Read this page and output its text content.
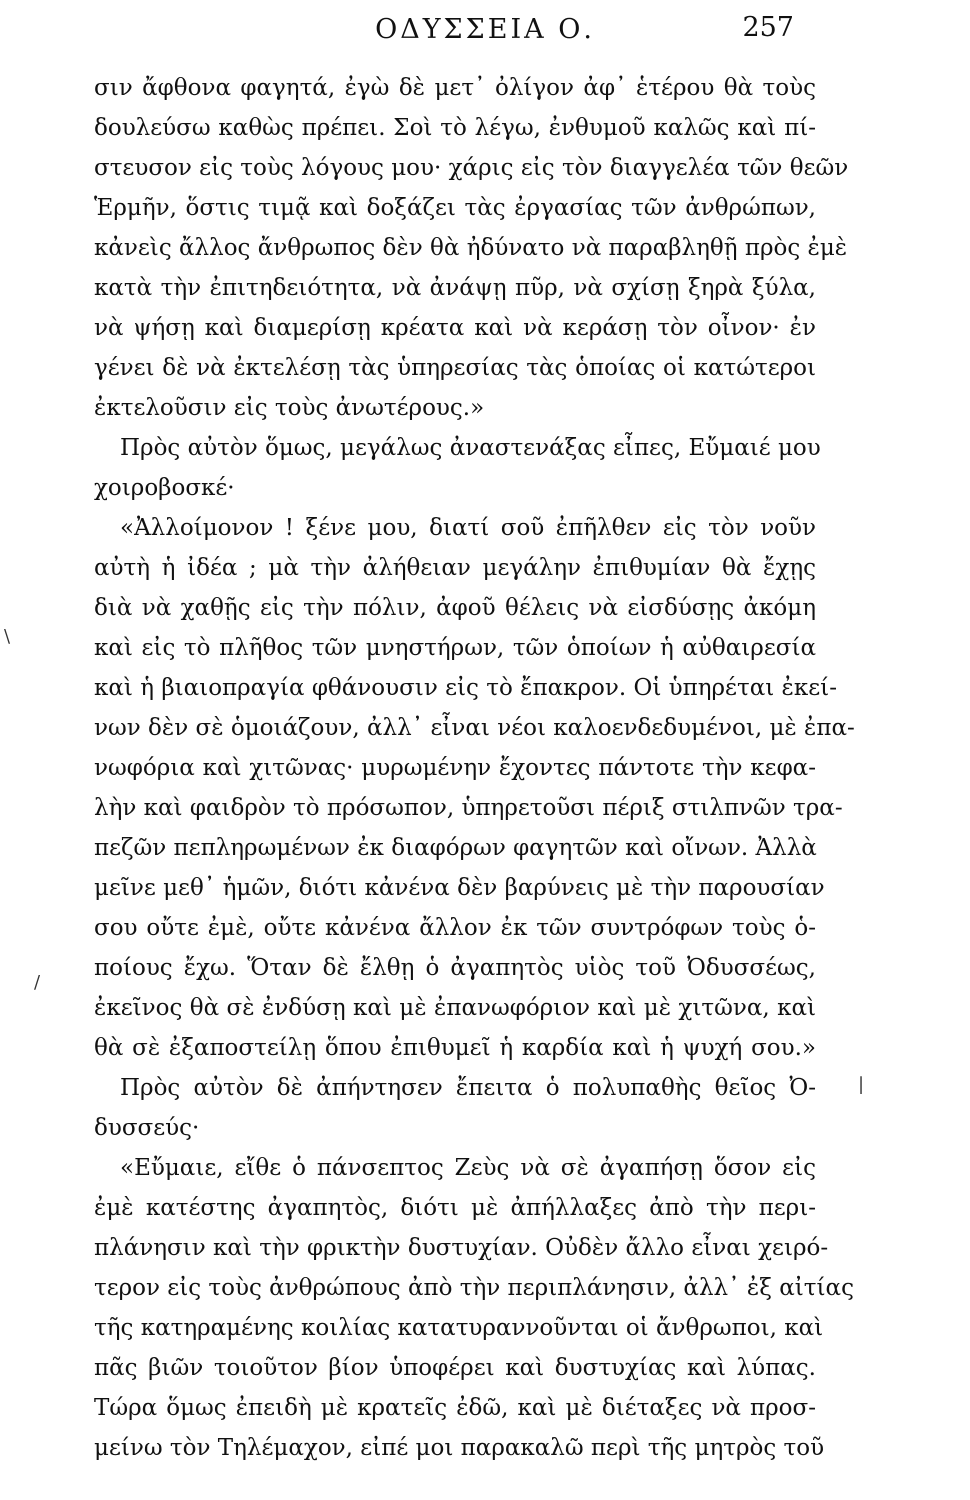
ΟΔΥΣΣΕΙΑ Ο.	257
σιν ἄφθονα φαγητά, ἐγὼ δὲ μετ᾽ ὀλίγον ἀφ᾽ ἑτέρου θὰ τοὺς
δουλεύσω καθὼς πρέπει. Σοὶ τὸ λέγω, ἐνθυμοῦ καλῶς καὶ πί-
στευσον εἰς τοὺς λόγους μου· χάρις εἰς τὸν διαγγελέα τῶν θεῶν
Ἑρμῆν, ὅστις τιμᾷ καὶ δοξάζει τὰς ἐργασίας τῶν ἀνθρώπων,
κἀνεὶς ἄλλος ἄνθρωπος δὲν θὰ ἠδύνατο νὰ παραβληθῇ πρὸς ἐμὲ
κατὰ τὴν ἐπιτηδειότητα, νὰ ἀνάψῃ πῦρ, νὰ σχίσῃ ξηρὰ ξύλα,
νὰ ψήσῃ καὶ διαμερίσῃ κρέατα καὶ νὰ κεράσῃ τὸν οἶνον· ἐν
γένει δὲ νὰ ἐκτελέσῃ τὰς ὑπηρεσίας τὰς ὁποίας οἱ κατώτεροι
ἐκτελοῦσιν εἰς τοὺς ἀνωτέρους.»
Πρὸς αὐτὸν ὅμως, μεγάλως ἀναστενάξας εἶπες, Εὔμαιέ μου
χοιροβοσκέ·
«Ἀλλοίμονον ! ξένε μου, διατί σοῦ ἐπῆλθεν εἰς τὸν νοῦν
αὐτὴ ἡ ἰδέα ; μὰ τὴν ἀλήθειαν μεγάλην ἐπιθυμίαν θὰ ἔχῃς
διὰ νὰ χαθῇς εἰς τὴν πόλιν, ἀφοῦ θέλεις νὰ εἰσδύσῃς ἀκόμη
καὶ εἰς τὸ πλῆθος τῶν μνηστήρων, τῶν ὁποίων ἡ αὐθαιρεσία
καὶ ἡ βιαιοπραγία φθάνουσιν εἰς τὸ ἔπακρον. Οἱ ὑπηρέται ἐκεί-
νων δὲν σὲ ὁμοιάζουν, ἀλλ᾽ εἶναι νέοι καλοενδεδυμένοι, μὲ ἐπα-
νωφόρια καὶ χιτῶνας· μυρωμένην ἔχοντες πάντοτε τὴν κεφα-
λὴν καὶ φαιδρὸν τὸ πρόσωπον, ὑπηρετοῦσι πέριξ στιλπνῶν τρα-
πεζῶν πεπληρωμένων ἐκ διαφόρων φαγητῶν καὶ οἴνων. Ἀλλὰ
μεῖνε μεθ᾽ ἡμῶν, διότι κἀνένα δὲν βαρύνεις μὲ τὴν παρουσίαν
σου οὔτε ἐμὲ, οὔτε κἀνένα ἄλλον ἐκ τῶν συντρόφων τοὺς ὁ-
ποίους ἔχω. Ὅταν δὲ ἔλθῃ ὁ ἀγαπητὸς υἱὸς τοῦ Ὀδυσσέως,
ἐκεῖνος θὰ σὲ ἐνδύσῃ καὶ μὲ ἐπανωφόριον καὶ μὲ χιτῶνα, καὶ
θὰ σὲ ἐξαποστείλῃ ὅπου ἐπιθυμεῖ ἡ καρδία καὶ ἡ ψυχή σου.»
Πρὸς αὐτὸν δὲ ἀπήντησεν ἔπειτα ὁ πολυπαθὴς θεῖος Ὀ-
δυσσεύς·
«Εὔμαιε, εἴθε ὁ πάνσεπτος Ζεὺς νὰ σὲ ἀγαπήσῃ ὅσον εἰς
ἐμὲ κατέστης ἀγαπητὸς, διότι μὲ ἀπήλλαξες ἀπὸ τὴν περι-
πλάνησιν καὶ τὴν φρικτὴν δυστυχίαν. Οὐδὲν ἄλλο εἶναι χειρό-
τερον εἰς τοὺς ἀνθρώπους ἀπὸ τὴν περιπλάνησιν, ἀλλ᾽ ἐξ αἰτίας
τῆς κατηραμένης κοιλίας κατατυραννοῦνται οἱ ἄνθρωποι, καὶ
πᾶς βιῶν τοιοῦτον βίον ὑποφέρει καὶ δυστυχίας καὶ λύπας.
Τώρα ὅμως ἐπειδὴ μὲ κρατεῖς ἐδῶ, καὶ μὲ διέταξες νὰ προσ-
μείνω τὸν Τηλέμαχον, εἰπέ μοι παρακαλῶ περὶ τῆς μητρὸς τοῦ
\
/
|
